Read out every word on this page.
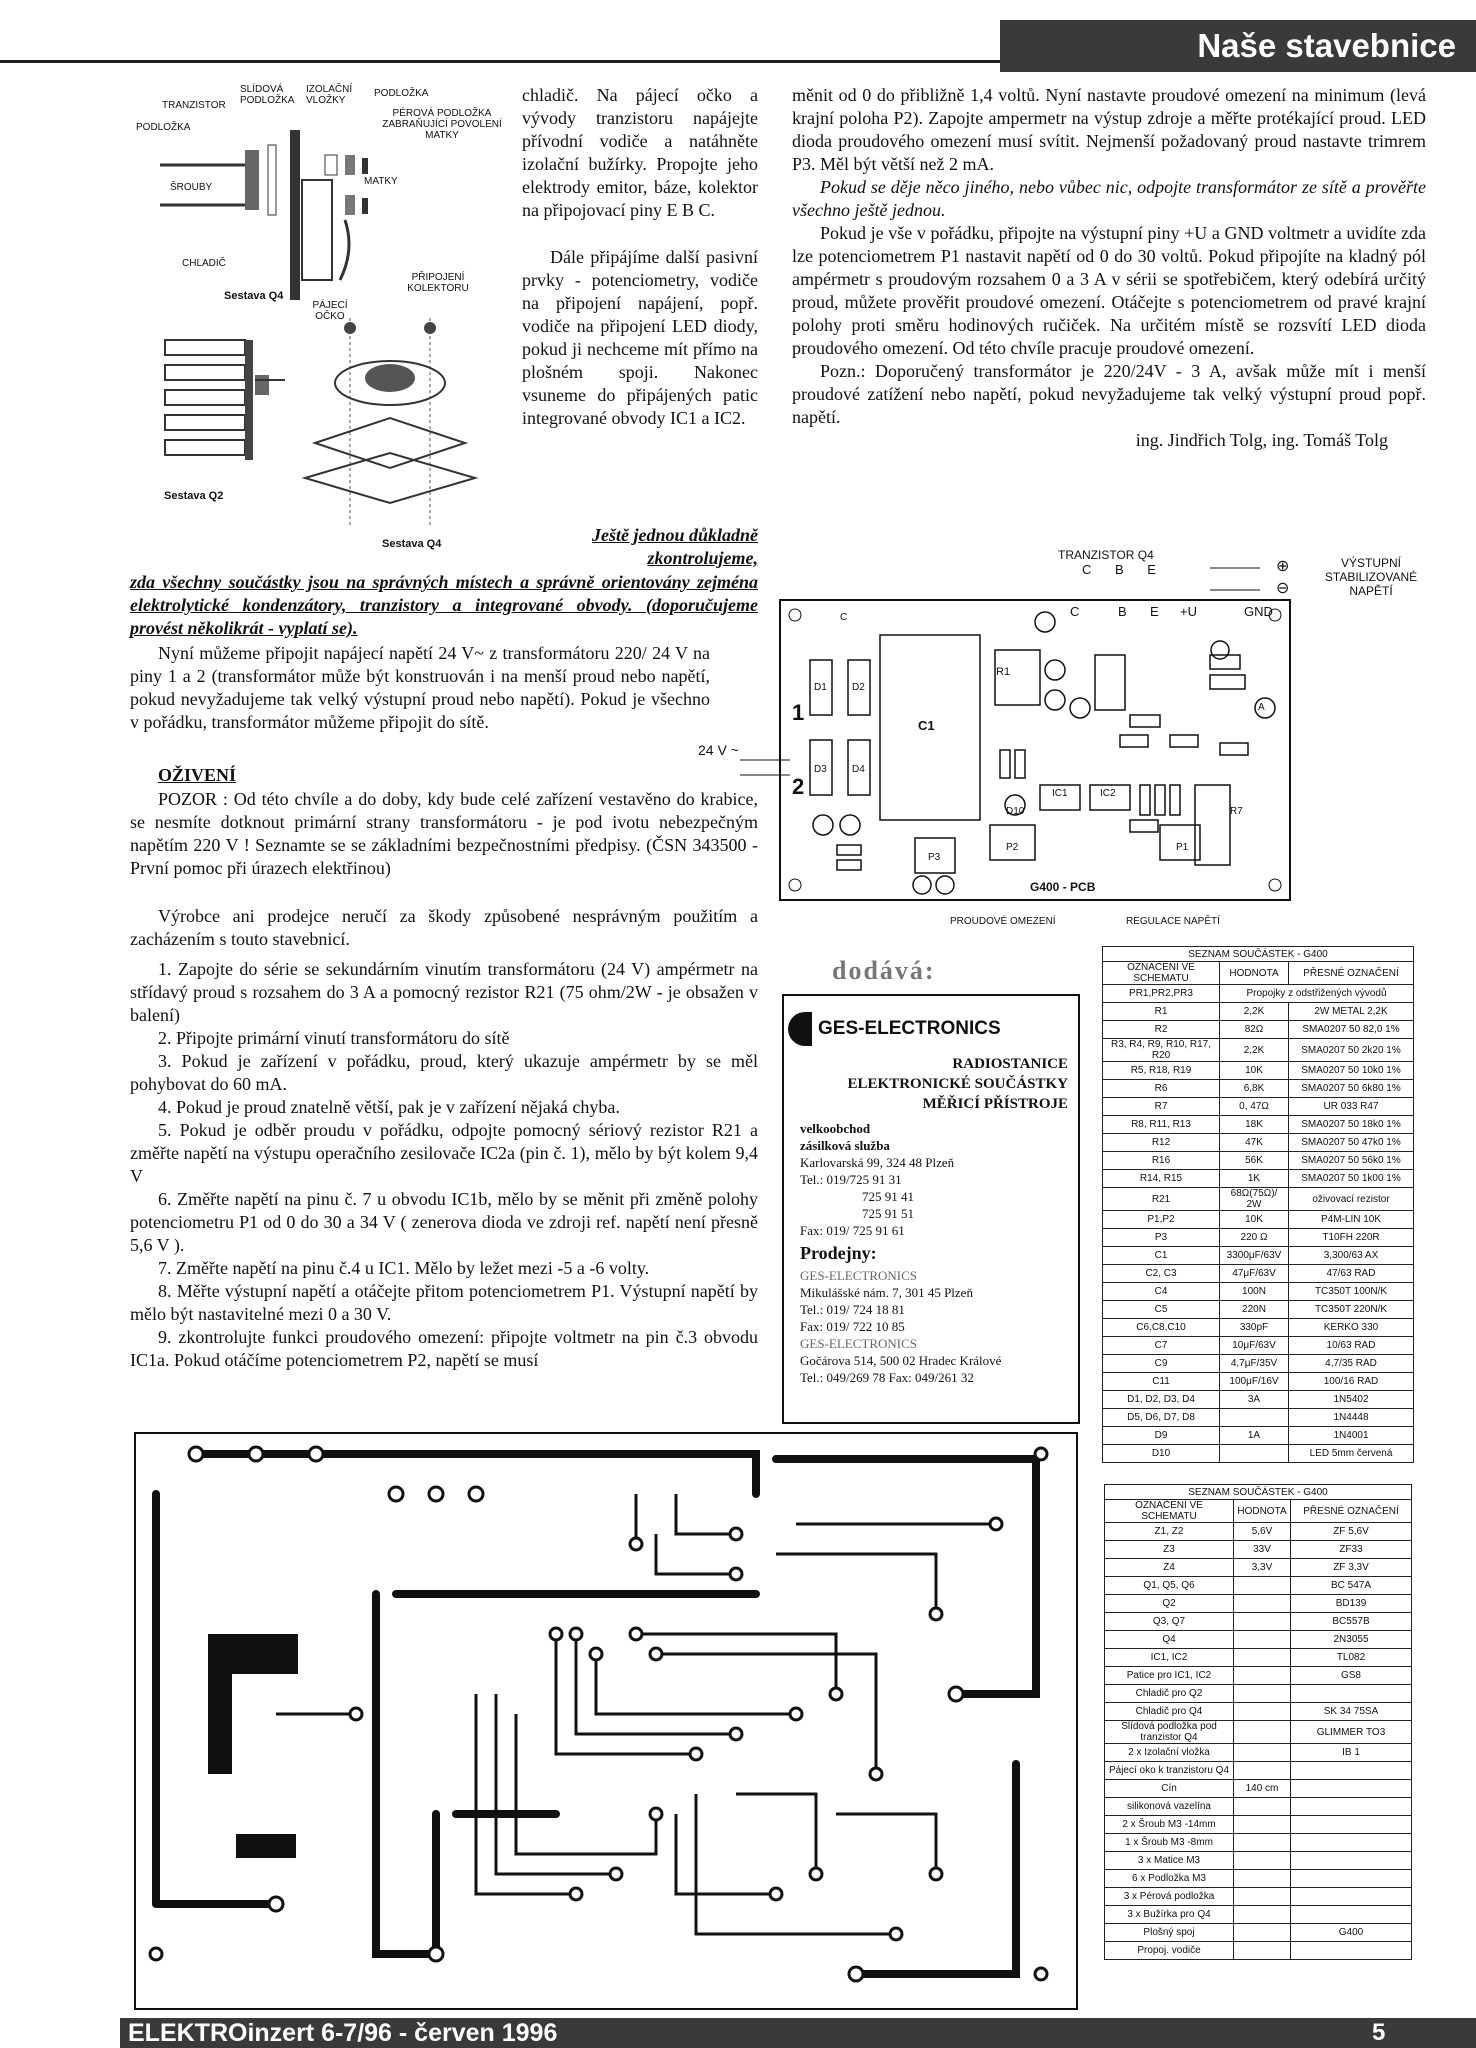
Naše stavebnice
SLÍDOVÁ PODLOŽKA
IZOLAČNÍ VLOŽKY
PODLOŽKA
TRANZISTOR
PODLOŽKA
PÉROVÁ PODLOŽKA ZABRAŇUJÍCÍ POVOLENÍ MATKY
ŠROUBY
MATKY
CHLADIČ
PŘIPOJENÍ KOLEKTORU
PÁJECÍ OČKO
Sestava Q4
Sestava Q2
Sestava Q4

chladič. Na pájecí očko a vývody tranzistoru napájejte přívodní vodiče a natáhněte izolační bužírky. Propojte jeho elektrody emitor, báze, kolektor na připojovací piny E B C.

Dále připájíme další pasivní prvky - potenciometry, vodiče na připojení napájení, popř. vodiče na připojení LED diody, pokud ji nechceme mít přímo na plošném spoji. Nakonec vsuneme do připájených patic integrované obvody IC1 a IC2.

Ještě jednou důkladně zkontrolujeme,

zda všechny součástky jsou na správných místech a správně orientovány zejména elektrolytické kondenzátory, tranzistory a integrované obvody. (doporučujeme provést několikrát - vyplatí se).

Nyní můžeme připojit napájecí napětí 24 V~ z transformátoru 220/ 24 V na piny 1 a 2 (transformátor může být konstruován i na menší proud nebo napětí, pokud nevyžadujeme tak velký výstupní proud nebo napětí). Pokud je všechno v pořádku, transformátor můžeme připojit do sítě.

OŽIVENÍ

POZOR : Od této chvíle a do doby, kdy bude celé zařízení vestavěno do krabice, se nesmíte dotknout primární strany transformátoru - je pod ivotu nebezpečným napětím 220 V ! Seznamte se se základními bezpečnostními předpisy. (ČSN 343500 - První pomoc při úrazech elektřinou)

Výrobce ani prodejce neručí za škody způsobené nesprávným použitím a zacházením s touto stavebnicí.

1. Zapojte do série se sekundárním vinutím transformátoru (24 V) ampérmetr na střídavý proud s rozsahem do 3 A a pomocný rezistor R21 (75 ohm/2W - je obsažen v balení)

2. Připojte primární vinutí transformátoru do sítě

3. Pokud je zařízení v pořádku, proud, který ukazuje ampérmetr by se měl pohybovat do 60 mA.

4. Pokud je proud znatelně větší, pak je v zařízení nějaká chyba.

5. Pokud je odběr proudu v pořádku, odpojte pomocný sériový rezistor R21 a změřte napětí na výstupu operačního zesilovače IC2a (pin č. 1), mělo by být kolem 9,4 V

6. Změřte napětí na pinu č. 7 u obvodu IC1b, mělo by se měnit při změně polohy potenciometru P1 od 0 do 30 a 34 V ( zenerova dioda ve zdroji ref. napětí není přesně 5,6 V ).

7. Změřte napětí na pinu č.4 u IC1. Mělo by ležet mezi -5 a -6 volty.

8. Měřte výstupní napětí a otáčejte přitom potenciometrem P1. Výstupní napětí by mělo být nastavitelné mezi 0 a 30 V.

9. zkontrolujte funkci proudového omezení: připojte voltmetr na pin č.3 obvodu IC1a. Pokud otáčíme potenciometrem P2, napětí se musí

měnit od 0 do přibližně 1,4 voltů. Nyní nastavte proudové omezení na minimum (levá krajní poloha P2). Zapojte ampermetr na výstup zdroje a měřte protékající proud. LED dioda proudového omezení musí svítit. Nejmenší požadovaný proud nastavte trimrem P3. Měl být větší než 2 mA.

Pokud se děje něco jiného, nebo vůbec nic, odpojte transformátor ze sítě a prověřte všechno ještě jednou.

Pokud je vše v pořádku, připojte na výstupní piny +U a GND voltmetr a uvidíte zda lze potenciometrem P1 nastavit napětí od 0 do 30 voltů. Pokud připojíte na kladný pól ampérmetr s proudovým rozsahem 0 a 3 A v sérii se spotřebičem, který odebírá určitý proud, můžete prověřit proudové omezení. Otáčejte s potenciometrem od pravé krajní polohy proti směru hodinových ručiček. Na určitém místě se rozsvítí LED dioda proudového omezení. Od této chvíle pracuje proudové omezení.

Pozn.: Doporučený transformátor je 220/24V - 3 A, avšak může mít i menší proudové zatížení nebo napětí, pokud nevyžadujeme tak velký výstupní proud popř. napětí.

ing. Jindřich Tolg, ing. Tomáš Tolg

TRANZISTOR Q4
C B E	VÝSTUPNÍ STABILIZOVANÉ NAPĚTÍ
⊕
⊖
24 V ~
1
2
C	C	B E +U	GND
C1
R1
D1	D2
D3	D4
IC1	IC2
P3
P2	P1
R7
D10
A
G400 - PCB
PROUDOVÉ OMEZENÍ	REGULACE NAPĚTÍ
dodává:
GES-ELECTRONICS
RADIOSTANICE
ELEKTRONICKÉ SOUČÁSTKY
MĚŘICÍ PŘÍSTROJE
velkoobchod
zásilková služba
Karlovarská 99, 324 48 Plzeň
Tel.: 019/725 91 31
725 91 41
725 91 51
Fax: 019/ 725 91 61
Prodejny:
GES-ELECTRONICS
Mikulášské nám. 7, 301 45 Plzeň
Tel.: 019/ 724 18 81
Fax: 019/ 722 10 85
GES-ELECTRONICS
Gočárova 514, 500 02 Hradec Králové
Tel.: 049/269 78 Fax: 049/261 32
SEZNAM SOUČÁSTEK - G400		
OZNAČENÍ VE SCHEMATU	HODNOTA	PŘESNÉ OZNAČENÍ
PR1,PR2,PR3	Propojky z odstřižených vývodů	
R1	2,2K	2W METAL 2,2K
R2	82Ω	SMA0207 50 82,0 1%
R3, R4, R9, R10, R17, R20	2,2K	SMA0207 50 2k20 1%
R5, R18, R19	10K	SMA0207 50 10k0 1%
R6	6,8K	SMA0207 50 6k80 1%
R7	0, 47Ω	UR 033 R47
R8, R11, R13	18K	SMA0207 50 18k0 1%
R12	47K	SMA0207 50 47k0 1%
R16	56K	SMA0207 50 56k0 1%
R14, R15	1K	SMA0207 50 1k00 1%
R21	68Ω(75Ω)/ 2W	oživovací rezistor
P1,P2	10K	P4M-LIN 10K
P3	220 Ω	T10FH 220R
C1	3300μF/63V	3,300/63 AX
C2, C3	47μF/63V	47/63 RAD
C4	100N	TC350T 100N/K
C5	220N	TC350T 220N/K
C6,C8,C10	330pF	KERKO 330
C7	10μF/63V	10/63 RAD
C9	4,7μF/35V	4,7/35 RAD
C11	100μF/16V	100/16 RAD
D1, D2, D3, D4	3A	1N5402
D5, D6, D7, D8		1N4448
D9	1A	1N4001
D10		LED 5mm červená
SEZNAM SOUČÁSTEK - G400		
OZNAČENÍ VE SCHEMATU	HODNOTA	PŘESNÉ OZNAČENÍ
Z1, Z2	5,6V	ZF 5,6V
Z3	33V	ZF33
Z4	3,3V	ZF 3,3V
Q1, Q5, Q6		BC 547A
Q2		BD139
Q3, Q7		BC557B
Q4		2N3055
IC1, IC2		TL082
Patice pro IC1, IC2		GS8
Chladič pro Q2		
Chladič pro Q4		SK 34 75SA
Slídová podložka pod tranzistor Q4		GLIMMER TO3
2 x Izolační vložka		IB 1
Pájecí oko k tranzistoru Q4		
Cín	140 cm	
silikonová vazelína		
2 x Šroub M3 -14mm		
1 x Šroub M3 -8mm		
3 x Matice M3		
6 x Podložka M3		
3 x Pérová podložka		
3 x Bužírka pro Q4		
Plošný spoj		G400
Propoj. vodiče		
ELEKTROinzert 6-7/96 - červen 1996	5
